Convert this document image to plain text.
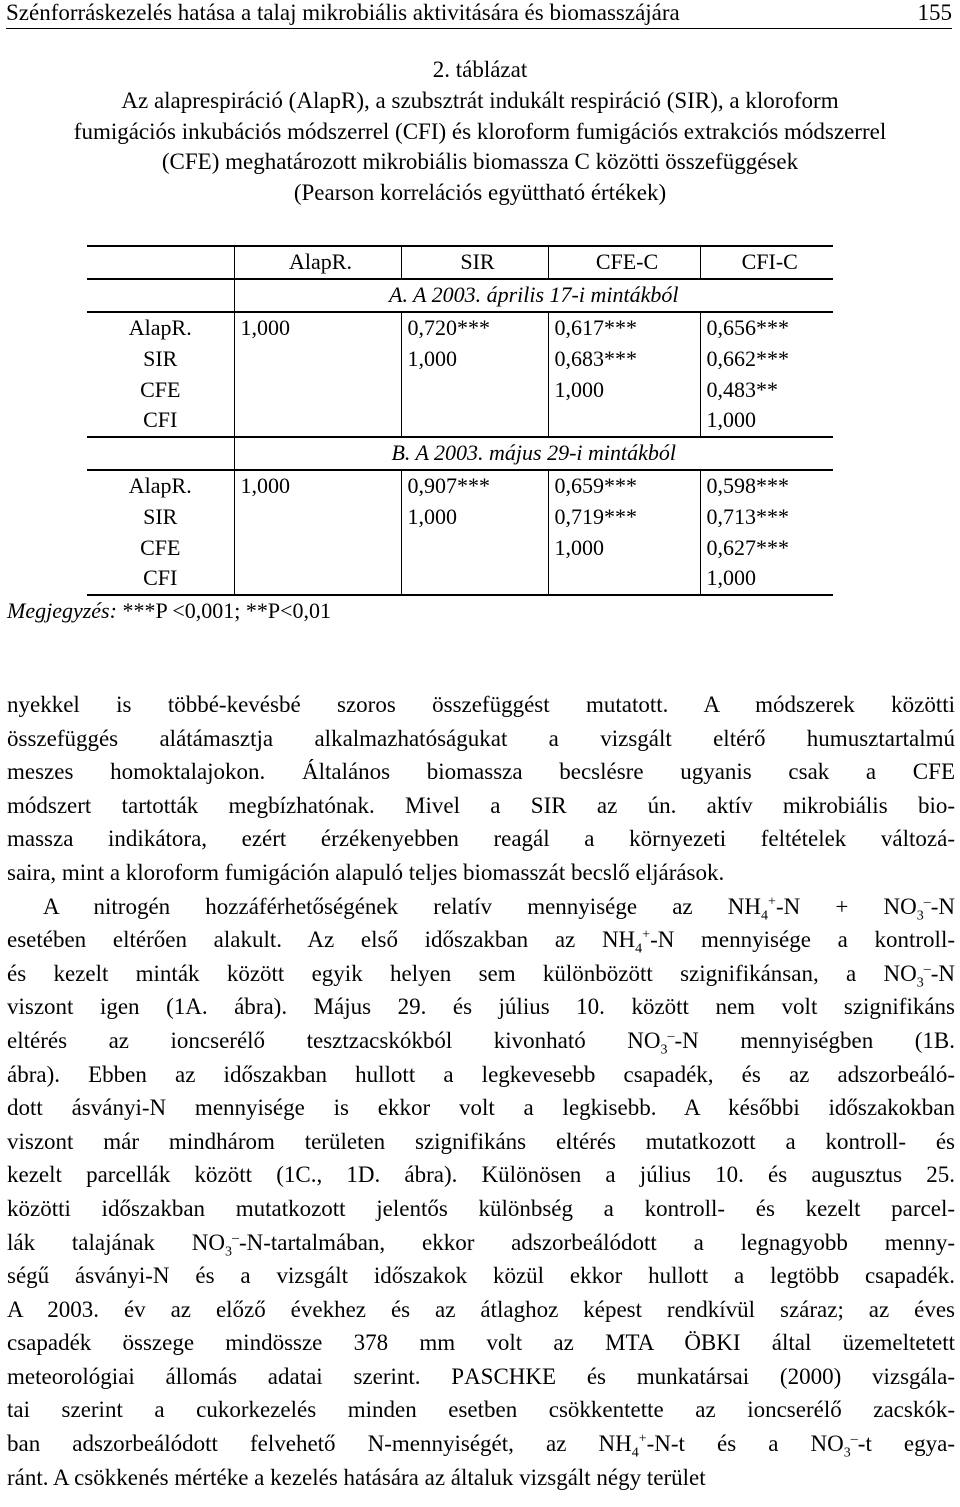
Szénforráskezelés hatása a talaj mikrobiális aktivitására és biomasszájára	155
2. táblázat
Az alaprespiráció (AlapR), a szubsztrát indukált respiráció (SIR), a kloroform
fumigációs inkubációs módszerrel (CFI) és kloroform fumigációs extrakciós módszerrel
(CFE) meghatározott mikrobiális biomassza C közötti összefüggések
(Pearson korrelációs együttható értékek)
	AlapR.	SIR	CFE-C	CFI-C
	A. A 2003. április 17-i mintákból
AlapR.	1,000	0,720***	0,617***	0,656***
SIR		1,000	0,683***	0,662***
CFE			1,000	0,483**
CFI				1,000
	B. A 2003. május 29-i mintákból
AlapR.	1,000	0,907***	0,659***	0,598***
SIR		1,000	0,719***	0,713***
CFE			1,000	0,627***
CFI				1,000
Megjegyzés: ***P <0,001; **P<0,01

nyekkel is többé-kevésbé szoros összefüggést mutatott. A módszerek közötti
összefüggés alátámasztja alkalmazhatóságukat a vizsgált eltérő humusztartalmú
meszes homoktalajokon. Általános biomassza becslésre ugyanis csak a CFE
módszert tartották megbízhatónak. Mivel a SIR az ún. aktív mikrobiális bio-
massza indikátora, ezért érzékenyebben reagál a környezeti feltételek változá-
saira, mint a kloroform fumigáción alapuló teljes biomasszát becslő eljárások.

A nitrogén hozzáférhetőségének relatív mennyisége az $NH_4^+-N + NO_3^--N$
esetében eltérően alakult. Az első időszakban az $NH_4^+-N$ mennyisége a kontroll-
és kezelt minták között egyik helyen sem különbözött szignifikánsan, a $NO_3^--N$
viszont igen (1A. ábra). Május 29. és július 10. között nem volt szignifikáns
eltérés az ioncserélő tesztzacskókból kivonható $NO_3^--N$ mennyiségben (1B.
ábra). Ebben az időszakban hullott a legkevesebb csapadék, és az adszorbeáló-
dott ásványi-N mennyisége is ekkor volt a legkisebb. A későbbi időszakokban
viszont már mindhárom területen szignifikáns eltérés mutatkozott a kontroll- és
kezelt parcellák között (1C., 1D. ábra). Különösen a július 10. és augusztus 25.
közötti időszakban mutatkozott jelentős különbség a kontroll- és kezelt parcel-
lák talajának $NO_3^--N$-tartalmában, ekkor adszorbeálódott a legnagyobb menny-
ségű ásványi-N és a vizsgált időszakok közül ekkor hullott a legtöbb csapadék.
A 2003. év az előző évekhez és az átlaghoz képest rendkívül száraz; az éves
csapadék összege mindössze 378 mm volt az MTA ÖBKI által üzemeltetett
meteorológiai állomás adatai szerint. PASCHKE és munkatársai (2000) vizsgála-
tai szerint a cukorkezelés minden esetben csökkentette az ioncserélő zacskók-
ban adszorbeálódott felvehető N-mennyiségét, az $NH_4^+-N-t$ és a $NO_3^--t$ egya-
ránt. A csökkenés mértéke a kezelés hatására az általuk vizsgált négy terület
